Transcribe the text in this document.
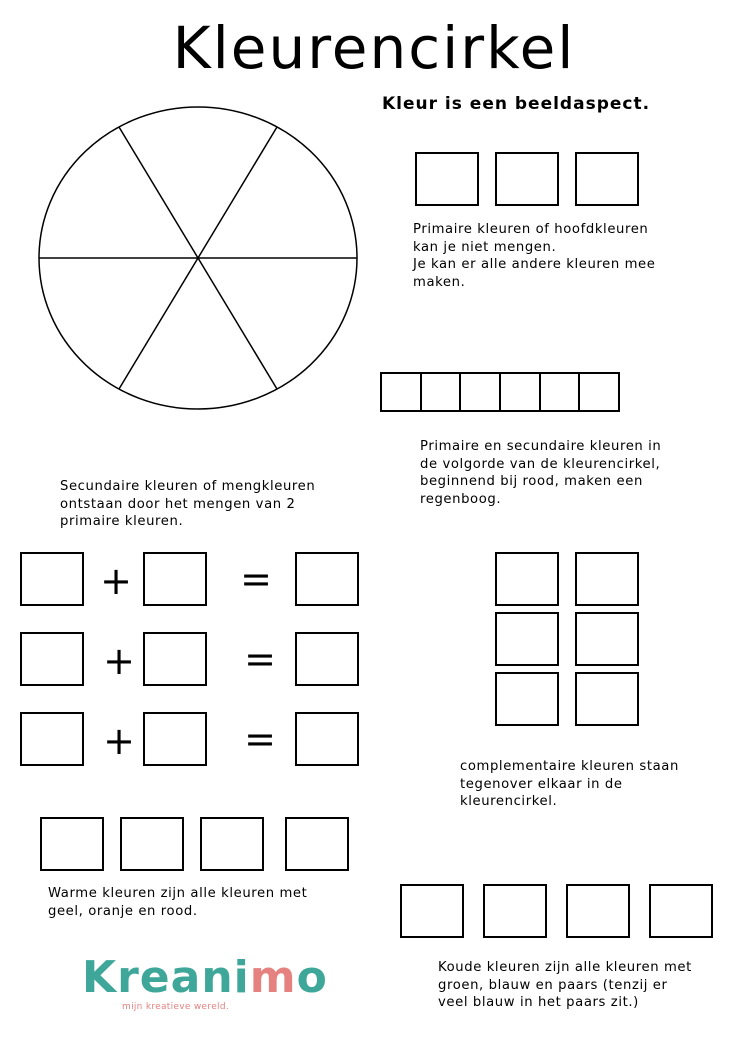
Kleurencirkel
Kleur is een beeldaspect.
Primaire kleuren of hoofdkleuren
kan je niet mengen.
Je kan er alle andere kleuren mee
maken.
Primaire en secundaire kleuren in
de volgorde van de kleurencirkel,
beginnend bij rood, maken een
regenboog.
Secundaire kleuren of mengkleuren
ontstaan door het mengen van 2
primaire kleuren.
+	=
+	=
+	=
complementaire kleuren staan
tegenover elkaar in de
kleurencirkel.
Warme kleuren zijn alle kleuren met
geel, oranje en rood.
Koude kleuren zijn alle kleuren met
groen, blauw en paars (tenzij er
veel blauw in het paars zit.)
Kreanimo
mijn kreatieve wereld.
